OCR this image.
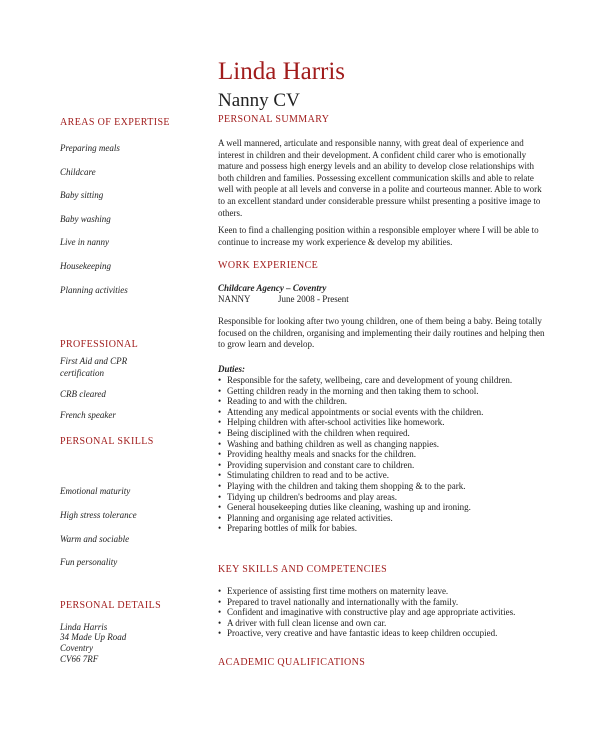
Linda Harris
Nanny CV
AREAS OF EXPERTISE
Preparing meals
Childcare
Baby sitting
Baby washing
Live in nanny
Housekeeping
Planning activities
PROFESSIONAL
First Aid and CPR certification
CRB cleared
French speaker
PERSONAL SKILLS
Emotional maturity
High stress tolerance
Warm and sociable
Fun personality
PERSONAL DETAILS
Linda Harris
34 Made Up Road
Coventry
CV66 7RF
PERSONAL SUMMARY
A well mannered, articulate and responsible nanny, with great deal of experience and interest in children and their development. A confident child carer who is emotionally mature and possess high energy levels and an ability to develop close relationships with both children and families. Possessing excellent communication skills and able to relate well with people at all levels and converse in a polite and courteous manner. Able to work to an excellent standard under considerable pressure whilst presenting a positive image to others.
Keen to find a challenging position within a responsible employer where I will be able to continue to increase my work experience & develop my abilities.
WORK EXPERIENCE
Childcare Agency – Coventry
NANNY	June 2008 - Present
Responsible for looking after two young children, one of them being a baby. Being totally focused on the children, organising and implementing their daily routines and helping then to grow learn and develop.
Duties:
• Responsible for the safety, wellbeing, care and development of young children.
• Getting children ready in the morning and then taking them to school.
• Reading to and with the children.
• Attending any medical appointments or social events with the children.
• Helping children with after-school activities like homework.
• Being disciplined with the children when required.
• Washing and bathing children as well as changing nappies.
• Providing healthy meals and snacks for the children.
• Providing supervision and constant care to children.
• Stimulating children to read and to be active.
• Playing with the children and taking them shopping & to the park.
• Tidying up children's bedrooms and play areas.
• General housekeeping duties like cleaning, washing up and ironing.
• Planning and organising age related activities.
• Preparing bottles of milk for babies.
KEY SKILLS AND COMPETENCIES
• Experience of assisting first time mothers on maternity leave.
• Prepared to travel nationally and internationally with the family.
• Confident and imaginative with constructive play and age appropriate activities.
• A driver with full clean license and own car.
• Proactive, very creative and have fantastic ideas to keep children occupied.
ACADEMIC QUALIFICATIONS
